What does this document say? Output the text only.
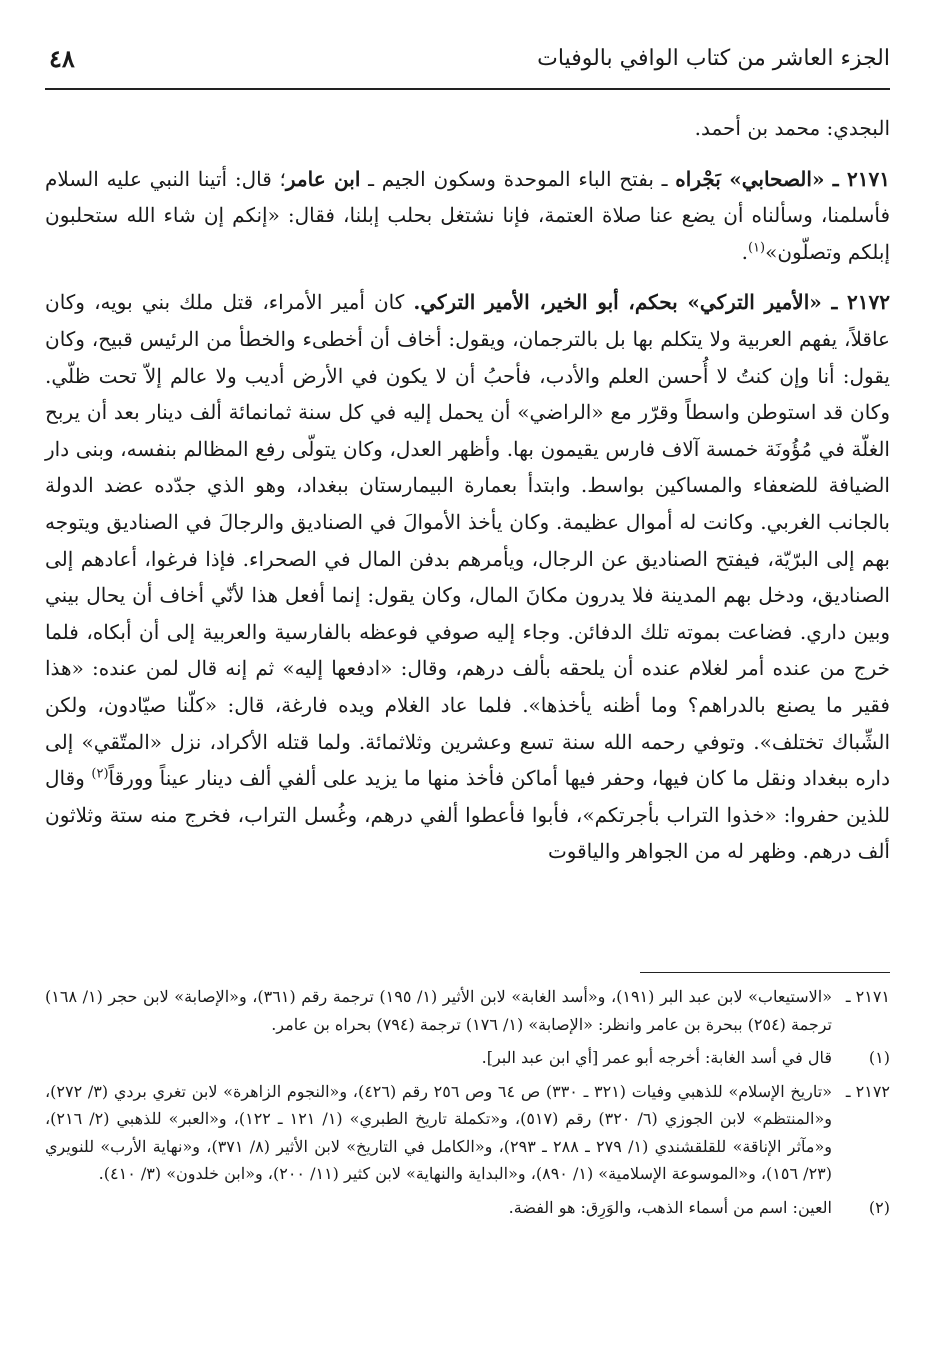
الجزء العاشر من كتاب الوافي بالوفيات
٤٨

البجدي: محمد بن أحمد.

٢١٧١ ـ «الصحابي» بَجْراه ـ بفتح الباء الموحدة وسكون الجيم ـ ابن عامر؛ قال: أتينا النبي عليه السلام فأسلمنا، وسألناه أن يضع عنا صلاة العتمة، فإنا نشتغل بحلب إبلنا، فقال: «إنكم إن شاء الله ستحلبون إبلكم وتصلّون»$^{(١)}$.

٢١٧٢ ـ «الأمير التركي» بحكم، أبو الخير، الأمير التركي. كان أمير الأمراء، قتل ملك بني بويه، وكان عاقلاً، يفهم العربية ولا يتكلم بها بل بالترجمان، ويقول: أخاف أن أخطىء والخطأ من الرئيس قبيح، وكان يقول: أنا وإن كنتُ لا أُحسن العلم والأدب، فأحبُ أن لا يكون في الأرض أديب ولا عالم إلاّ تحت ظلّي. وكان قد استوطن واسطاً وقرّر مع «الراضي» أن يحمل إليه في كل سنة ثمانمائة ألف دينار بعد أن يربح الغلّة في مُؤُونَة خمسة آلاف فارس يقيمون بها. وأظهر العدل، وكان يتولّى رفع المظالم بنفسه، وبنى دار الضيافة للضعفاء والمساكين بواسط. وابتدأ بعمارة البيمارستان ببغداد، وهو الذي جدّده عضد الدولة بالجانب الغربي. وكانت له أموال عظيمة. وكان يأخذ الأموالَ في الصناديق والرجالَ في الصناديق ويتوجه بهم إلى البرّيّة، فيفتح الصناديق عن الرجال، ويأمرهم بدفن المال في الصحراء. فإذا فرغوا، أعادهم إلى الصناديق، ودخل بهم المدينة فلا يدرون مكانَ المال، وكان يقول: إنما أفعل هذا لأنّي أخاف أن يحال بيني وبين داري. فضاعت بموته تلك الدفائن. وجاء إليه صوفي فوعظه بالفارسية والعربية إلى أن أبكاه، فلما خرج من عنده أمر لغلام عنده أن يلحقه بألف درهم، وقال: «ادفعها إليه» ثم إنه قال لمن عنده: «هذا فقير ما يصنع بالدراهم؟ وما أظنه يأخذها». فلما عاد الغلام ويده فارغة، قال: «كلّنا صيّادون، ولكن الشِّباك تختلف». وتوفي رحمه الله سنة تسع وعشرين وثلاثمائة. ولما قتله الأكراد، نزل «المتّقي» إلى داره ببغداد ونقل ما كان فيها، وحفر فيها أماكن فأخذ منها ما يزيد على ألفي ألف دينار عيناً وورقاً$^{(٢)}$ وقال للذين حفروا: «خذوا التراب بأجرتكم»، فأبوا فأعطوا ألفي درهم، وغُسل التراب، فخرج منه ستة وثلاثون ألف درهم. وظهر له من الجواهر والياقوت

٢١٧١ ـ
«الاستيعاب» لابن عبد البر (١٩١)، و«أسد الغابة» لابن الأثير (١/ ١٩٥) ترجمة رقم (٣٦١)، و«الإصابة» لابن حجر (١/ ١٦٨) ترجمة (٢٥٤) ببحرة بن عامر وانظر: «الإصابة» (١/ ١٧٦) ترجمة (٧٩٤) بحراه بن عامر.
(١)
قال في أسد الغابة: أخرجه أبو عمر [أي ابن عبد البر].
٢١٧٢ ـ
«تاريخ الإسلام» للذهبي وفيات (٣٢١ ـ ٣٣٠) ص ٦٤ وص ٢٥٦ رقم (٤٢٦)، و«النجوم الزاهرة» لابن تغري بردي (٣/ ٢٧٢)، و«المنتظم» لابن الجوزي (٦/ ٣٢٠) رقم (٥١٧)، و«تكملة تاريخ الطبري» (١/ ١٢١ ـ ١٢٢)، و«العبر» للذهبي (٢/ ٢١٦)، و«مآثر الإناقة» للقلقشندي (١/ ٢٧٩ ـ ٢٨٨ ـ ٢٩٣)، و«الكامل في التاريخ» لابن الأثير (٨/ ٣٧١)، و«نهاية الأرب» للنويري (٢٣/ ١٥٦)، و«الموسوعة الإسلامية» (١/ ٨٩٠)، و«البداية والنهاية» لابن كثير (١١/ ٢٠٠)، و«ابن خلدون» (٣/ ٤١٠).
(٢)
العين: اسم من أسماء الذهب، والوَرِق: هو الفضة.
